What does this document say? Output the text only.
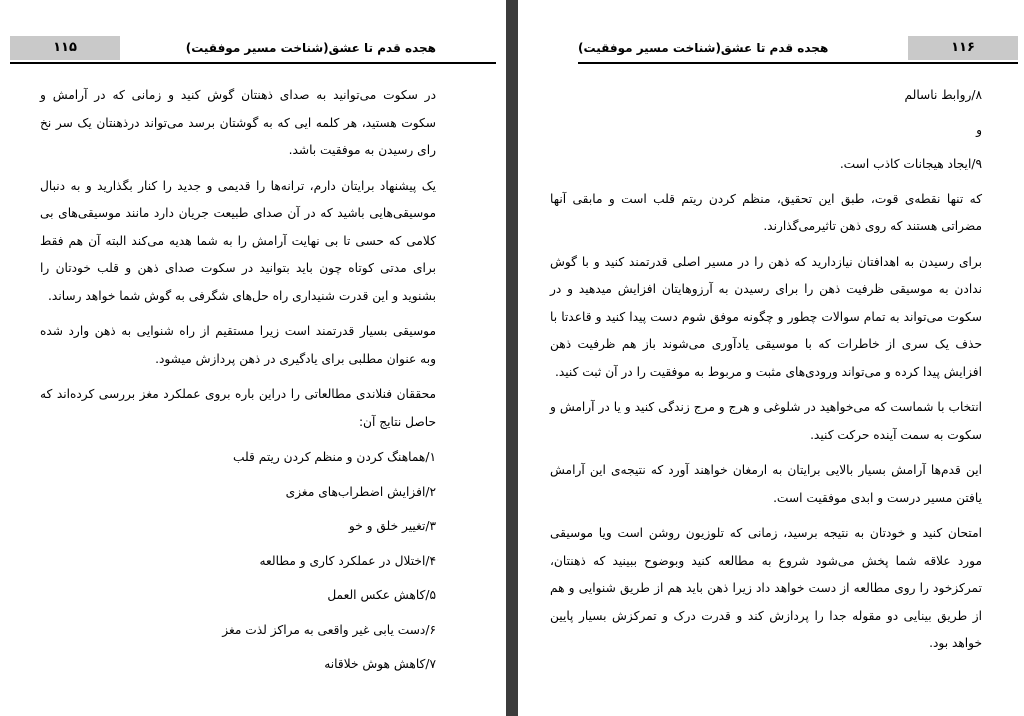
۱۱۵	هجده قدم تا عشق(شناخت مسیر موفقیت)

در سکوت می‌توانید به صدای ذهنتان گوش کنید و زمانی که در آرامش و سکوت هستید، هر کلمه ایی که به گوشتان برسد می‌تواند درذهنتان یک سر نخ رای رسیدن به موفقیت باشد.

یک پیشنهاد برایتان دارم، ترانه‌ها را قدیمی و جدید را کنار بگذارید و به دنبال موسیقی‌هایی باشید که در آن صدای طبیعت جریان دارد مانند موسیقی‌های بی کلامی که حسی تا بی نهایت آرامش را به شما هدیه می‌کند البته آن هم فقط برای مدتی کوتاه چون باید بتوانید در سکوت صدای ذهن و قلب خودتان را بشنوید و این قدرت شنیداری راه حل‌های شگرفی به گوش شما خواهد رساند.

موسیقی بسیار قدرتمند است زیرا مستقیم از راه شنوایی به ذهن وارد شده وبه عنوان مطلبی برای یادگیری در ذهن پردازش میشود.

محققان فنلاندی مطالعاتی را دراین باره بروی عملکرد مغز بررسی کرده‌اند که حاصل نتایج آن:

۱/هماهنگ کردن و منظم کردن ریتم قلب

۲/افزایش اضطراب‌های مغزی

۳/تغییر خلق و خو

۴/اختلال در عملکرد کاری و مطالعه

۵/کاهش عکس العمل

۶/دست یابی غیر واقعی به مراکز لذت مغز

۷/کاهش هوش خلاقانه

هجده قدم تا عشق(شناخت مسیر موفقیت)	۱۱۶

۸/روابط ناسالم

و

۹/ایجاد هیجانات کاذب است.

که تنها نقطه‌ی قوت، طبق این تحقیق، منظم کردن ریتم قلب است و مابقی آنها مضراتی هستند که روی ذهن تاثیرمی‌گذارند.

برای رسیدن به اهدافتان نیازدارید که ذهن را در مسیر اصلی قدرتمند کنید و با گوش ندادن به موسیقی ظرفیت ذهن را برای رسیدن به آرزوهایتان افزایش میدهید و در سکوت می‌تواند به تمام سوالات چطور و چگونه موفق شوم دست پیدا کنید و قاعدتا با حذف یک سری از خاطرات که با موسیقی یادآوری می‌شوند باز هم ظرفیت ذهن افزایش پیدا کرده و می‌تواند ورودی‌های مثبت و مربوط به موفقیت را در آن ثبت کنید.

انتخاب با شماست که می‌خواهید در شلوغی و هرج و مرج زندگی کنید و یا در آرامش و سکوت به سمت آینده حرکت کنید.

این قدم‌ها آرامش بسیار بالایی برایتان به ارمغان خواهند آورد که نتیجه‌ی این آرامش یافتن مسیر درست و ابدی موفقیت است.

امتحان کنید و خودتان به نتیجه برسید، زمانی که تلوزیون روشن است ویا موسیقی مورد علاقه شما پخش می‌شود شروع به مطالعه کنید وبوضوح ببینید که ذهنتان، تمرکزخود را روی مطالعه از دست خواهد داد زیرا ذهن باید هم از طریق شنوایی و هم از طریق بینایی دو مقوله جدا را پردازش کند و قدرت درک و تمرکزش بسیار پایین خواهد بود.
